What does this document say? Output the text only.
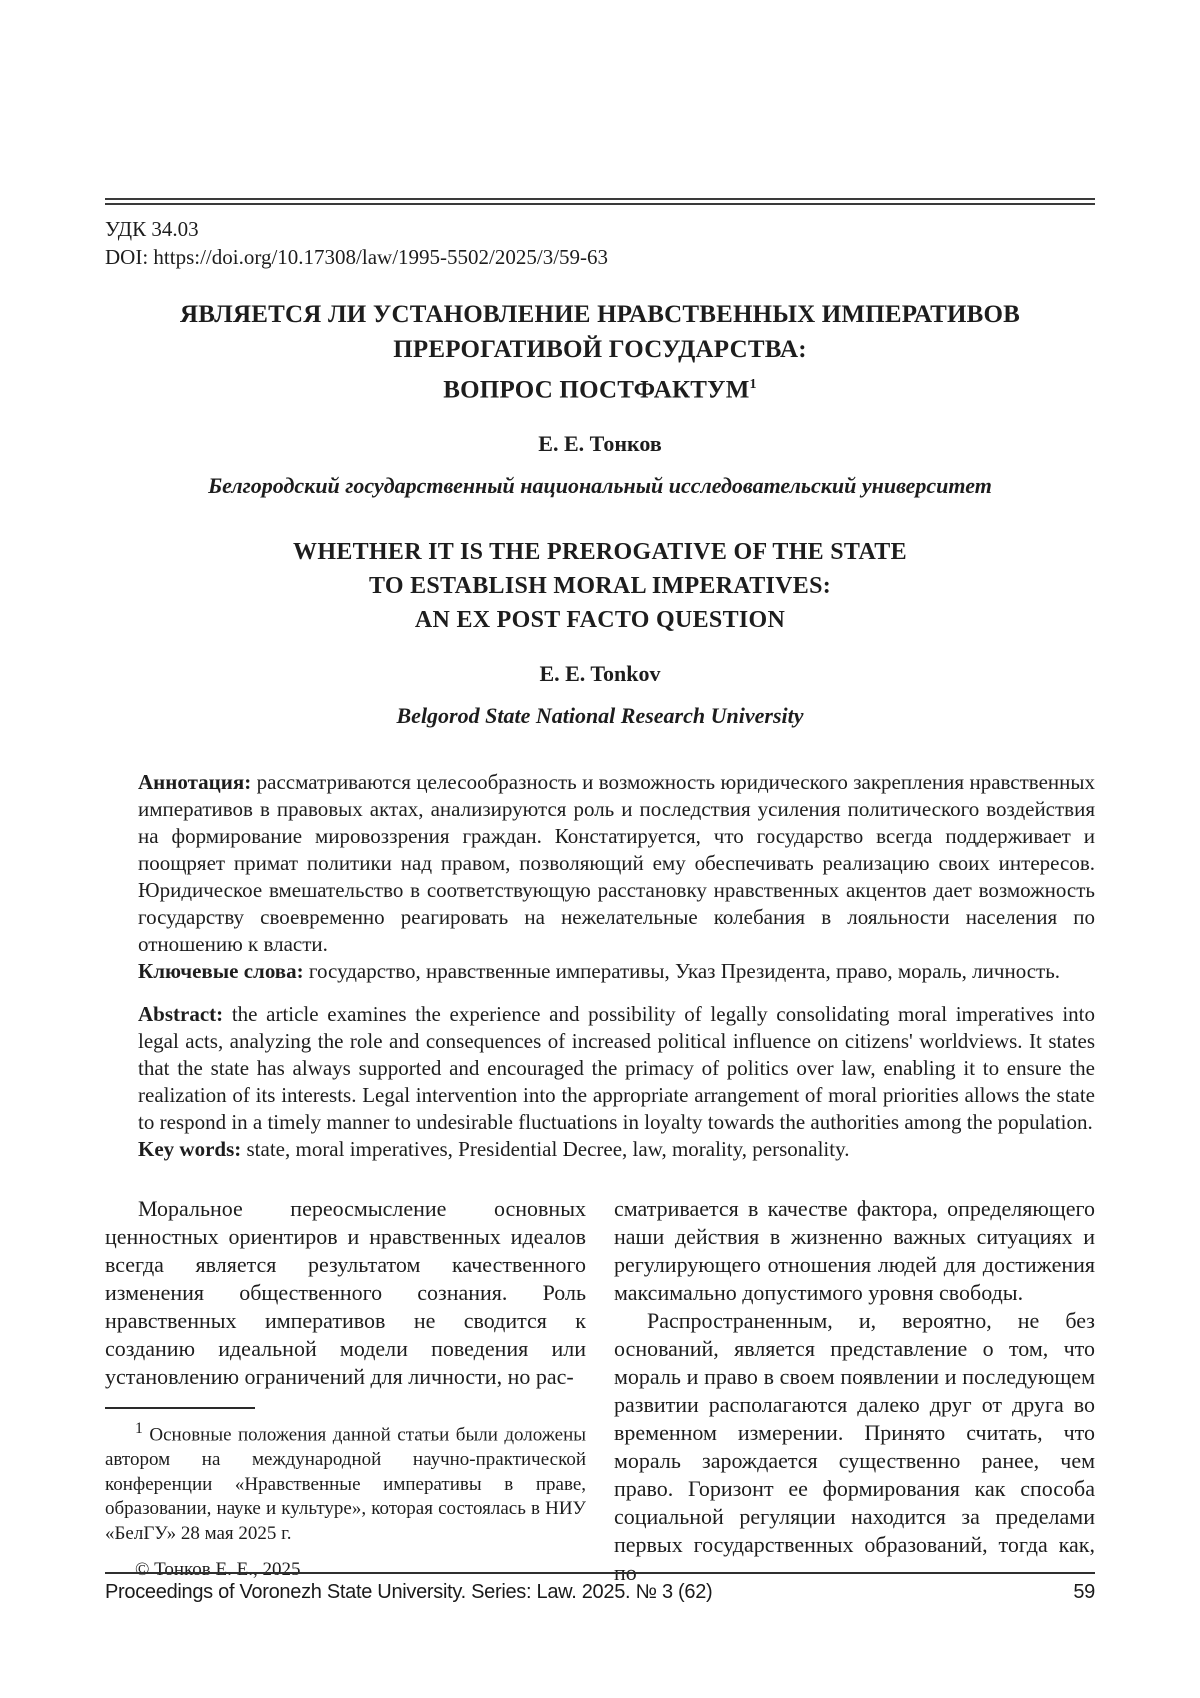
УДК 34.03
DOI: https://doi.org/10.17308/law/1995-5502/2025/3/59-63
ЯВЛЯЕТСЯ ЛИ УСТАНОВЛЕНИЕ НРАВСТВЕННЫХ ИМПЕРАТИВОВ
ПРЕРОГАТИВОЙ ГОСУДАРСТВА:
ВОПРОС ПОСТФАКТУМ$^1$
Е. Е. Тонков
Белгородский государственный национальный исследовательский университет
WHETHER IT IS THE PREROGATIVE OF THE STATE
TO ESTABLISH MORAL IMPERATIVES:
AN EX POST FACTO QUESTION
E. E. Tonkov
Belgorod State National Research University
Аннотация: рассматриваются целесообразность и возможность юридического закрепления нравственных императивов в правовых актах, анализируются роль и последствия усиления политического воздействия на формирование мировоззрения граждан. Констатируется, что государство всегда поддерживает и поощряет примат политики над правом, позволяющий ему обеспечивать реализацию своих интересов. Юридическое вмешательство в соответствующую расстановку нравственных акцентов дает возможность государству своевременно реагировать на нежелательные колебания в лояльности населения по отношению к власти.
Ключевые слова: государство, нравственные императивы, Указ Президента, право, мораль, личность.
Abstract: the article examines the experience and possibility of legally consolidating moral imperatives into legal acts, analyzing the role and consequences of increased political influence on citizens' worldviews. It states that the state has always supported and encouraged the primacy of politics over law, enabling it to ensure the realization of its interests. Legal intervention into the appropriate arrangement of moral priorities allows the state to respond in a timely manner to undesirable fluctuations in loyalty towards the authorities among the population.
Key words: state, moral imperatives, Presidential Decree, law, morality, personality.

Моральное переосмысление основных ценностных ориентиров и нравственных идеалов всегда является результатом качественного изменения общественного сознания. Роль нравственных императивов не сводится к созданию идеальной модели поведения или установлению ограничений для личности, но рас-

$^1$ Основные положения данной статьи были доложены автором на международной научно-практической конференции «Нравственные императивы в праве, образовании, науке и культуре», которая состоялась в НИУ «БелГУ» 28 мая 2025 г.

© Тонков Е. Е., 2025

сматривается в качестве фактора, определяющего наши действия в жизненно важных ситуациях и регулирующего отношения людей для достижения максимально допустимого уровня свободы.

Распространенным, и, вероятно, не без оснований, является представление о том, что мораль и право в своем появлении и последующем развитии располагаются далеко друг от друга во временном измерении. Принято считать, что мораль зарождается существенно ранее, чем право. Горизонт ее формирования как способа социальной регуляции находится за пределами первых государственных образований, тогда как, по

Proceedings of Voronezh State University. Series: Law. 2025. № 3 (62)	59
